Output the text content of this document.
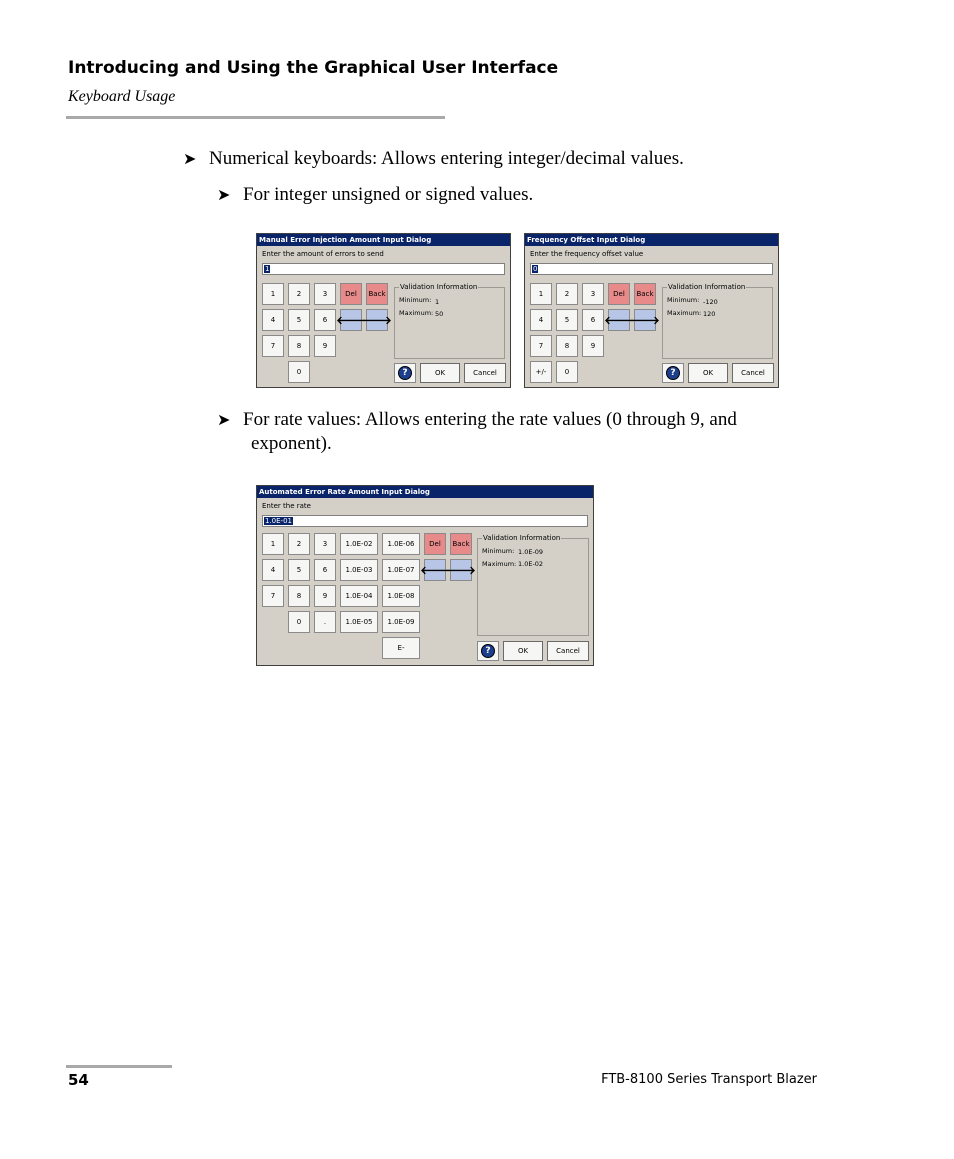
Introducing and Using the Graphical User Interface
Keyboard Usage
➤ Numerical keyboards: Allows entering integer/decimal values.
➤ For integer unsigned or signed values.
Manual Error Injection Amount Input Dialog
Enter the amount of errors to send
1
1	2	3	Del	Back
4	5	6 🡐
🡒
7	8	9
0
Validation Information
Minimum: 1
Maximum: 50
?	OK	Cancel
Frequency Offset Input Dialog
Enter the frequency offset value
0
1	2	3	Del	Back
4	5	6 🡐
🡒
7	8	9
+/-	0
Validation Information
Minimum: -120
Maximum: 120
?	OK	Cancel
➤ For rate values: Allows entering the rate values (0 through 9, and
exponent).
Automated Error Rate Amount Input Dialog
Enter the rate
1.0E-01
1	2	3	1.0E-02	1.0E-06	Del	Back
4	5	6	1.0E-03	1.0E-07 🡐
🡒
7	8	9	1.0E-04	1.0E-08
0	.	1.0E-05	1.0E-09
E-
Validation Information
Minimum: 1.0E-09
Maximum: 1.0E-02
?	OK	Cancel
54	FTB-8100 Series Transport Blazer
